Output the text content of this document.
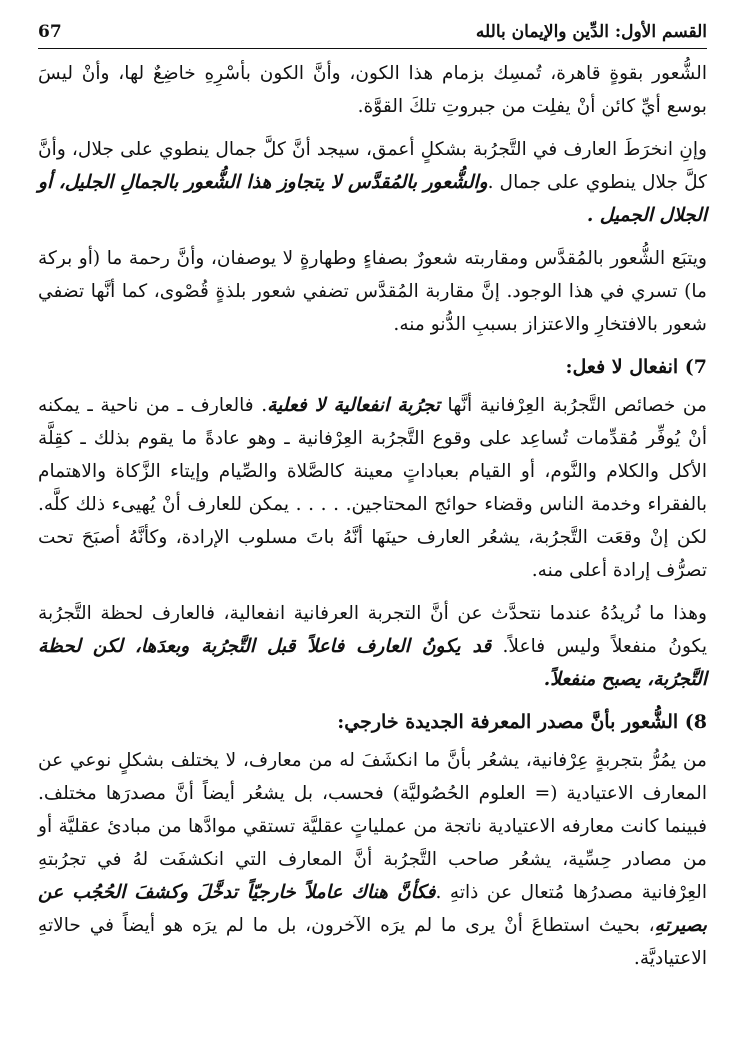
القسم الأول: الدِّين والإيمان بالله
67

الشُّعور بقوةٍ قاهرة، تُمسِك بزمام هذا الكون، وأنَّ الكون بأسْرِهِ خاضِعٌ لها، وأنْ ليسَ بوسع أيِّ كائن أنْ يفلِت من جبروتِ تلكَ القوَّة.

وإنِ انخرَطَ العارف في التَّجرُبة بشكلٍ أعمق، سيجد أنَّ كلَّ جمال ينطوي على جلال، وأنَّ كلَّ جلال ينطوي على جمال .والشُّعور بالمُقدَّس لا يتجاوز هذا الشُّعور بالجمالِ الجليل، أو الجلال الجميل .

ويتبَع الشُّعور بالمُقدَّس ومقاربته شعورٌ بصفاءٍ وطهارةٍ لا يوصفان، وأنَّ رحمة ما (أو بركة ما) تسري في هذا الوجود. إنَّ مقاربة المُقدَّس تضفي شعور بلذةٍ قُصْوى، كما أنَّها تضفي شعور بالافتخارِ والاعتزاز بسببِ الدُّنو منه.

7) انفعال لا فعل:

من خصائص التَّجرُبة العِرْفانية أنَّها تجرُبة انفعالية لا فعلية. فالعارف ـ من ناحية ـ يمكنه أنْ يُوفِّر مُقدِّمات تُساعِد على وقوع التَّجرُبة العِرْفانية ـ وهو عادةً ما يقوم بذلك ـ كقِلَّة الأكل والكلام والنَّوم، أو القيام بعباداتٍ معينة كالصَّلاة والصِّيام وإيتاء الزَّكاة والاهتمام بالفقراء وخدمة الناس وقضاء حوائج المحتاجين. . . . . يمكن للعارف أنْ يُهيىء ذلك كلَّه. لكن إنْ وقعَت التَّجرُبة، يشعُر العارف حينَها أنَّهُ باتَ مسلوب الإرادة، وكأنَّهُ أصبَحَ تحت تصرُّف إرادة أعلى منه.

وهذا ما نُريدُهُ عندما نتحدَّث عن أنَّ التجربة العرفانية انفعالية، فالعارف لحظة التَّجرُبة يكونُ منفعلاً وليس فاعلاً. قد يكونُ العارف فاعلاً قبل التَّجرُبة وبعدَها، لكن لحظة التَّجرُبة، يصبح منفعلاً.

8) الشُّعور بأنَّ مصدر المعرفة الجديدة خارجي:

من يمُرُّ بتجربةٍ عِرْفانية، يشعُر بأنَّ ما انكشَفَ له من معارف، لا يختلف بشكلٍ نوعي عن المعارف الاعتيادية (= العلوم الحُصُوليَّة) فحسب، بل يشعُر أيضاً أنَّ مصدرَها مختلف. فبينما كانت معارفه الاعتيادية ناتجة من عملياتٍ عقليَّة تستقي موادَّها من مبادئ عقليَّة أو من مصادر حِسِّية، يشعُر صاحب التَّجرُبة أنَّ المعارف التي انكشفَت لهُ في تجرُبتهِ العِرْفانية مصدرُها مُتعال عن ذاتهِ .فكأنَّ هناك عاملاً خارجيّاً تدخَّلَ وكشفَ الحُجُب عن بصيرتهِ، بحيث استطاعَ أنْ يرى ما لم يرَه الآخرون، بل ما لم يرَه هو أيضاً في حالاتهِ الاعتياديَّة.
